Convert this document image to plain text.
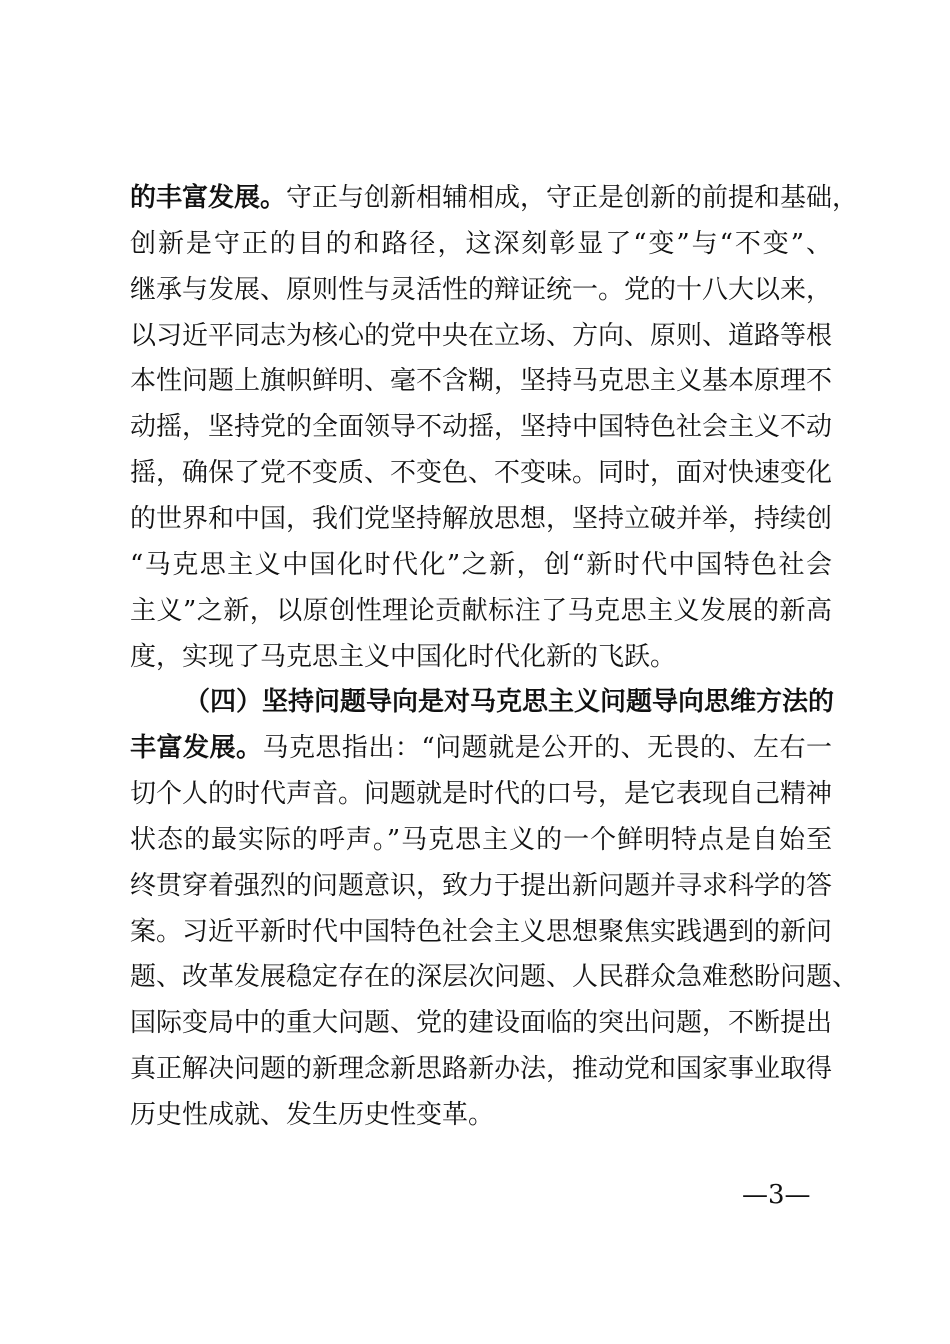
的丰富发展。守正与创新相辅相成，守正是创新的前提和基础，
创新是守正的目的和路径，这深刻彰显了“变”与“不变”、
继承与发展、原则性与灵活性的辩证统一。党的十八大以来，
以习近平同志为核心的党中央在立场、方向、原则、道路等根
本性问题上旗帜鲜明、毫不含糊，坚持马克思主义基本原理不
动摇，坚持党的全面领导不动摇，坚持中国特色社会主义不动
摇，确保了党不变质、不变色、不变味。同时，面对快速变化
的世界和中国，我们党坚持解放思想，坚持立破并举，持续创
“马克思主义中国化时代化”之新，创“新时代中国特色社会
主义”之新，以原创性理论贡献标注了马克思主义发展的新高
度，实现了马克思主义中国化时代化新的飞跃。
（四）坚持问题导向是对马克思主义问题导向思维方法的
丰富发展。马克思指出：“问题就是公开的、无畏的、左右一
切个人的时代声音。问题就是时代的口号，是它表现自己精神
状态的最实际的呼声。”马克思主义的一个鲜明特点是自始至
终贯穿着强烈的问题意识，致力于提出新问题并寻求科学的答
案。习近平新时代中国特色社会主义思想聚焦实践遇到的新问
题、改革发展稳定存在的深层次问题、人民群众急难愁盼问题、
国际变局中的重大问题、党的建设面临的突出问题，不断提出
真正解决问题的新理念新思路新办法，推动党和国家事业取得
历史性成就、发生历史性变革。
—3—
